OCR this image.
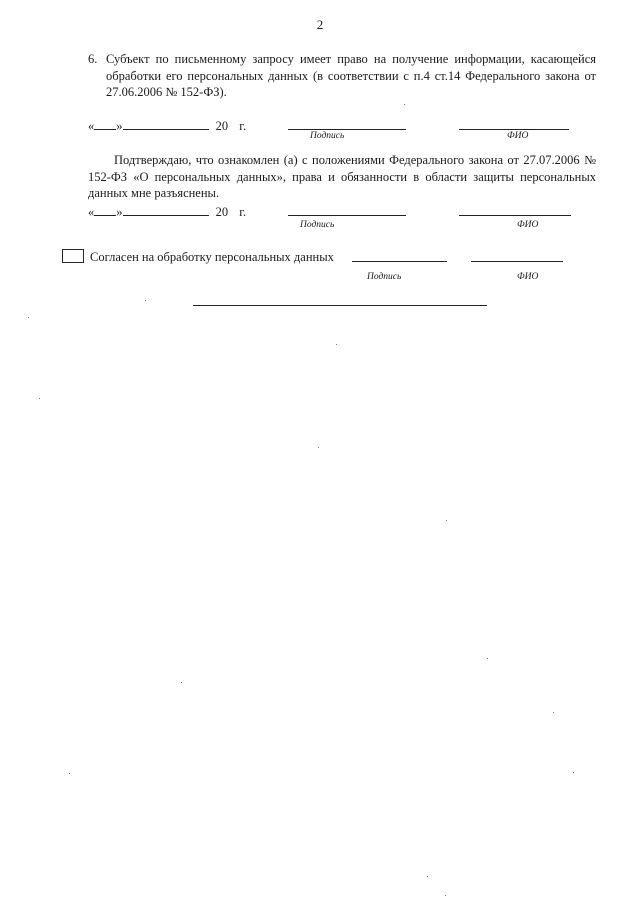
2
6. Субъект по письменному запросу имеет право на получение информации, касающейся обработки его персональных данных (в соответствии с п.4 ст.14 Федерального закона от 27.06.2006 № 152-ФЗ).
« »	20 г.
Подпись	ФИО
Подтверждаю, что ознакомлен (а) с положениями Федерального закона от 27.07.2006 № 152-ФЗ «О персональных данных», права и обязанности в области защиты персональных данных мне разъяснены.
« »	20 г.
Подпись	ФИО
Согласен на обработку персональных данных
Подпись	ФИО
